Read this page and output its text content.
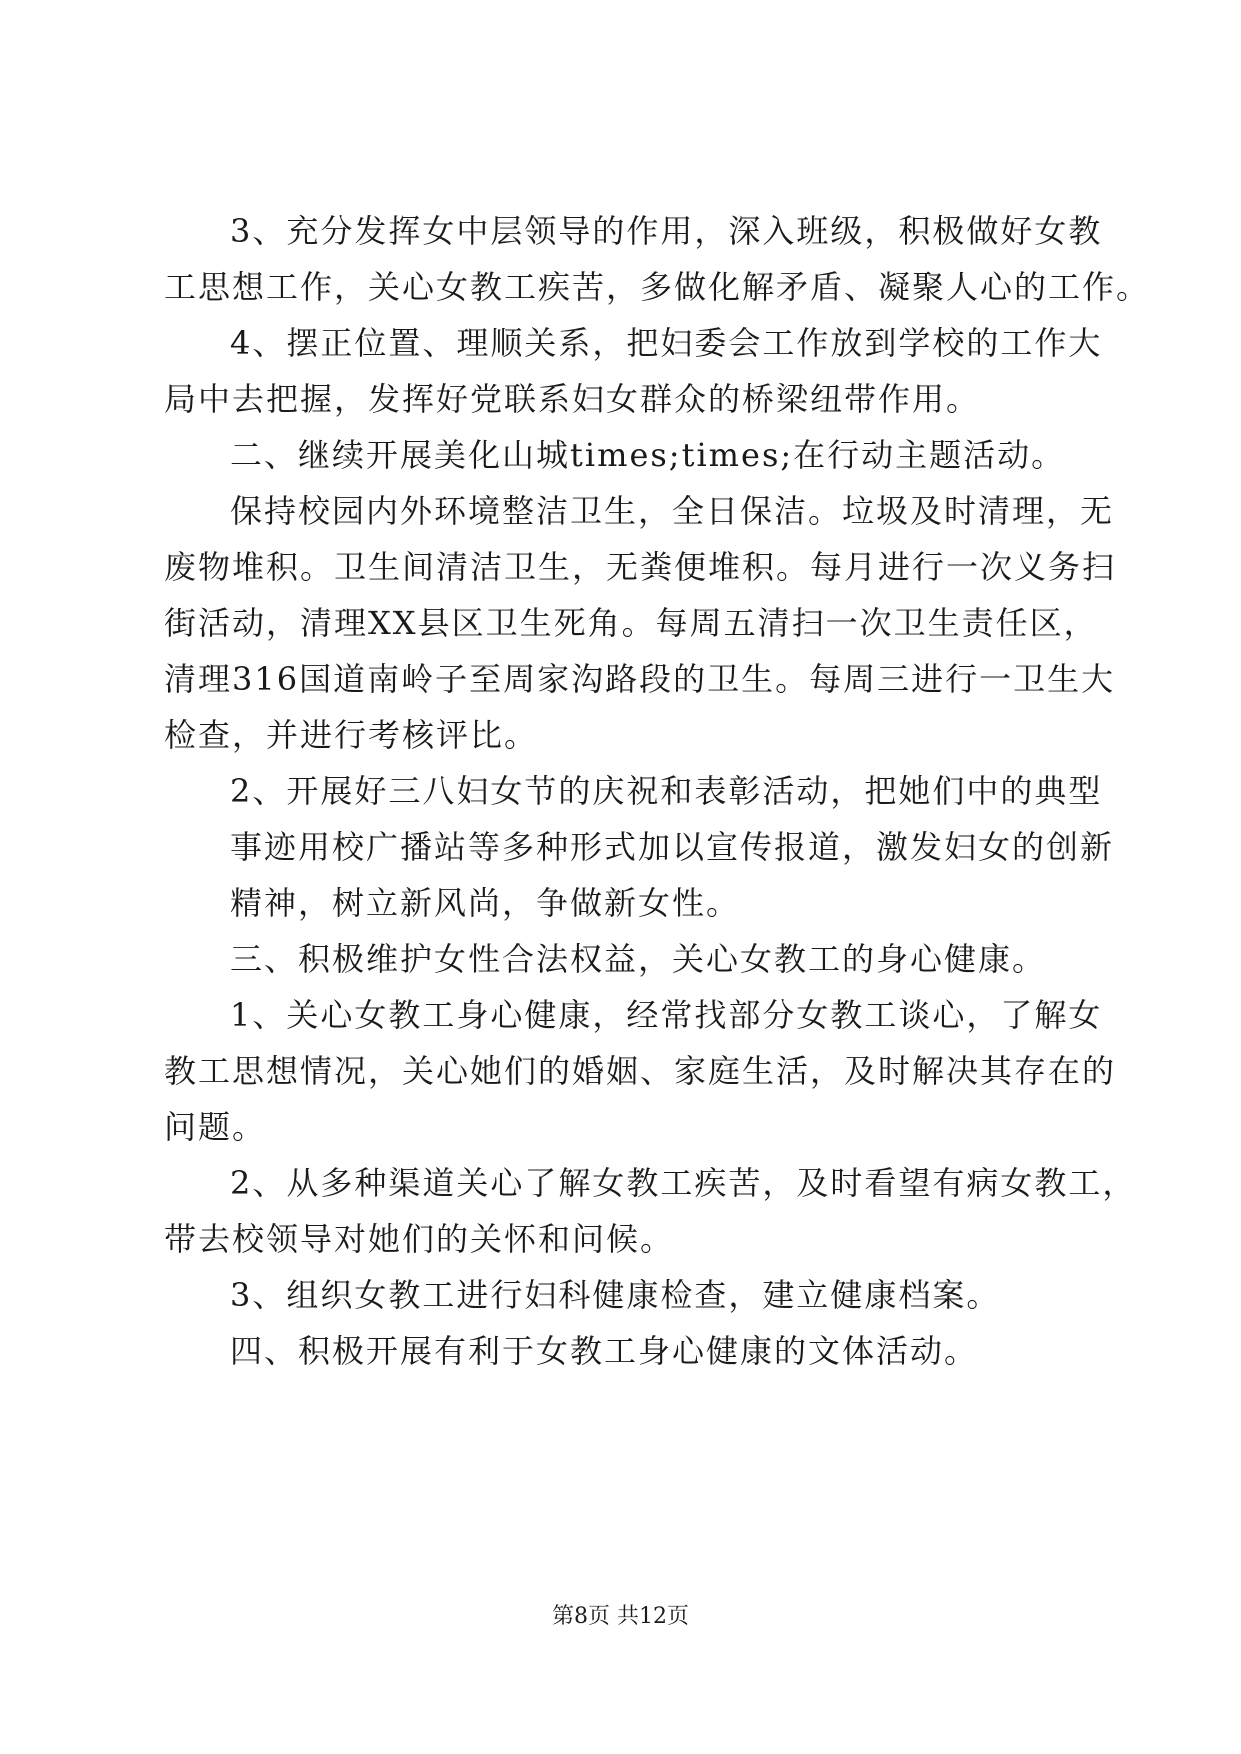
3、充分发挥女中层领导的作用，深入班级，积极做好女教
工思想工作，关心女教工疾苦，多做化解矛盾、凝聚人心的工作。
4、摆正位置、理顺关系，把妇委会工作放到学校的工作大
局中去把握，发挥好党联系妇女群众的桥梁纽带作用。
二、继续开展美化山城times;times;在行动主题活动。
保持校园内外环境整洁卫生，全日保洁。垃圾及时清理，无
废物堆积。卫生间清洁卫生，无粪便堆积。每月进行一次义务扫
街活动，清理XX县区卫生死角。每周五清扫一次卫生责任区，
清理316国道南岭子至周家沟路段的卫生。每周三进行一卫生大
检查，并进行考核评比。
2、开展好三八妇女节的庆祝和表彰活动，把她们中的典型
事迹用校广播站等多种形式加以宣传报道，激发妇女的创新
精神，树立新风尚，争做新女性。
三、积极维护女性合法权益，关心女教工的身心健康。
1、关心女教工身心健康，经常找部分女教工谈心，了解女
教工思想情况，关心她们的婚姻、家庭生活，及时解决其存在的
问题。
2、从多种渠道关心了解女教工疾苦，及时看望有病女教工，
带去校领导对她们的关怀和问候。
3、组织女教工进行妇科健康检查，建立健康档案。
四、积极开展有利于女教工身心健康的文体活动。
第8页 共12页
